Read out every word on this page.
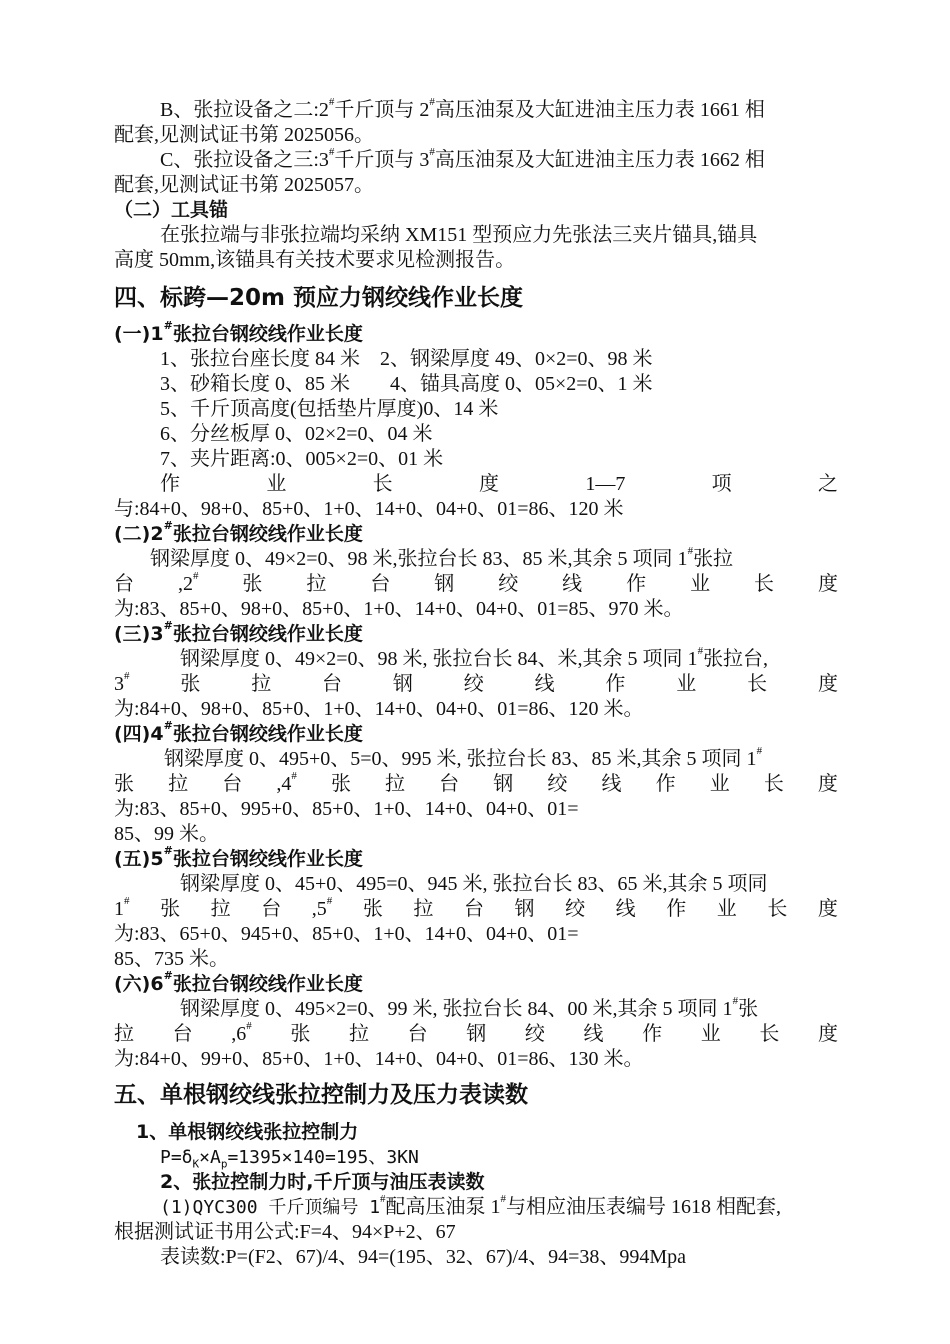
B、张拉设备之二:2#千斤顶与 2#高压油泵及大缸进油主压力表 1661 相
配套,见测试证书第 2025056。
C、张拉设备之三:3#千斤顶与 3#高压油泵及大缸进油主压力表 1662 相
配套,见测试证书第 2025057。
（二）工具锚
在张拉端与非张拉端均采纳 XM151 型预应力先张法三夹片锚具,锚具
高度 50mm,该锚具有关技术要求见检测报告。
四、标跨—20m 预应力钢绞线作业长度
(一)1#张拉台钢绞线作业长度
1、张拉台座长度 84 米　2、钢梁厚度 49、0×2=0、98 米
3、砂箱长度 0、85 米　　4、锚具高度 0、05×2=0、1 米
5、千斤顶高度(包括垫片厚度)0、14 米
6、分丝板厚 0、02×2=0、04 米
7、夹片距离:0、005×2=0、01 米
作	业	长	度	1—7	项	之
与:84+0、98+0、85+0、1+0、14+0、04+0、01=86、120 米
(二)2#张拉台钢绞线作业长度
钢梁厚度 0、49×2=0、98 米,张拉台长 83、85 米,其余 5 项同 1#张拉
台 ,2# 张 拉 台 钢 绞 线 作 业 长 度
为:83、85+0、98+0、85+0、1+0、14+0、04+0、01=85、970 米。
(三)3#张拉台钢绞线作业长度
钢梁厚度 0、49×2=0、98 米, 张拉台长 84、米,其余 5 项同 1#张拉台,
3#	张	拉	台	钢	绞	线	作	业	长	度
为:84+0、98+0、85+0、1+0、14+0、04+0、01=86、120 米。
(四)4#张拉台钢绞线作业长度
钢梁厚度 0、495+0、5=0、995 米, 张拉台长 83、85 米,其余 5 项同 1#
张 拉 台 ,4# 张 拉 台 钢 绞 线 作 业 长 度
为:83、85+0、995+0、85+0、1+0、14+0、04+0、01=
85、99 米。
(五)5#张拉台钢绞线作业长度
钢梁厚度 0、45+0、495=0、945 米, 张拉台长 83、65 米,其余 5 项同
1# 张 拉 台 ,5# 张 拉 台 钢 绞 线 作 业 长 度
为:83、65+0、945+0、85+0、1+0、14+0、04+0、01=
85、735 米。
(六)6#张拉台钢绞线作业长度
钢梁厚度 0、495×2=0、99 米, 张拉台长 84、00 米,其余 5 项同 1#张
拉 台 ,6# 张 拉 台 钢 绞 线 作 业 长 度
为:84+0、99+0、85+0、1+0、14+0、04+0、01=86、130 米。
五、单根钢绞线张拉控制力及压力表读数
1、单根钢绞线张拉控制力
$P=\delta_K\times A_p=1395\times 140=195$、3KN
2、张拉控制力时,千斤顶与油压表读数
(1)QYC300 千斤顶编号 1#配高压油泵 1#与相应油压表编号 1618 相配套,
根据测试证书用公式:F=4、94×P+2、67
表读数:P=(F2、67)/4、94=(195、32、67)/4、94=38、994Mpa
